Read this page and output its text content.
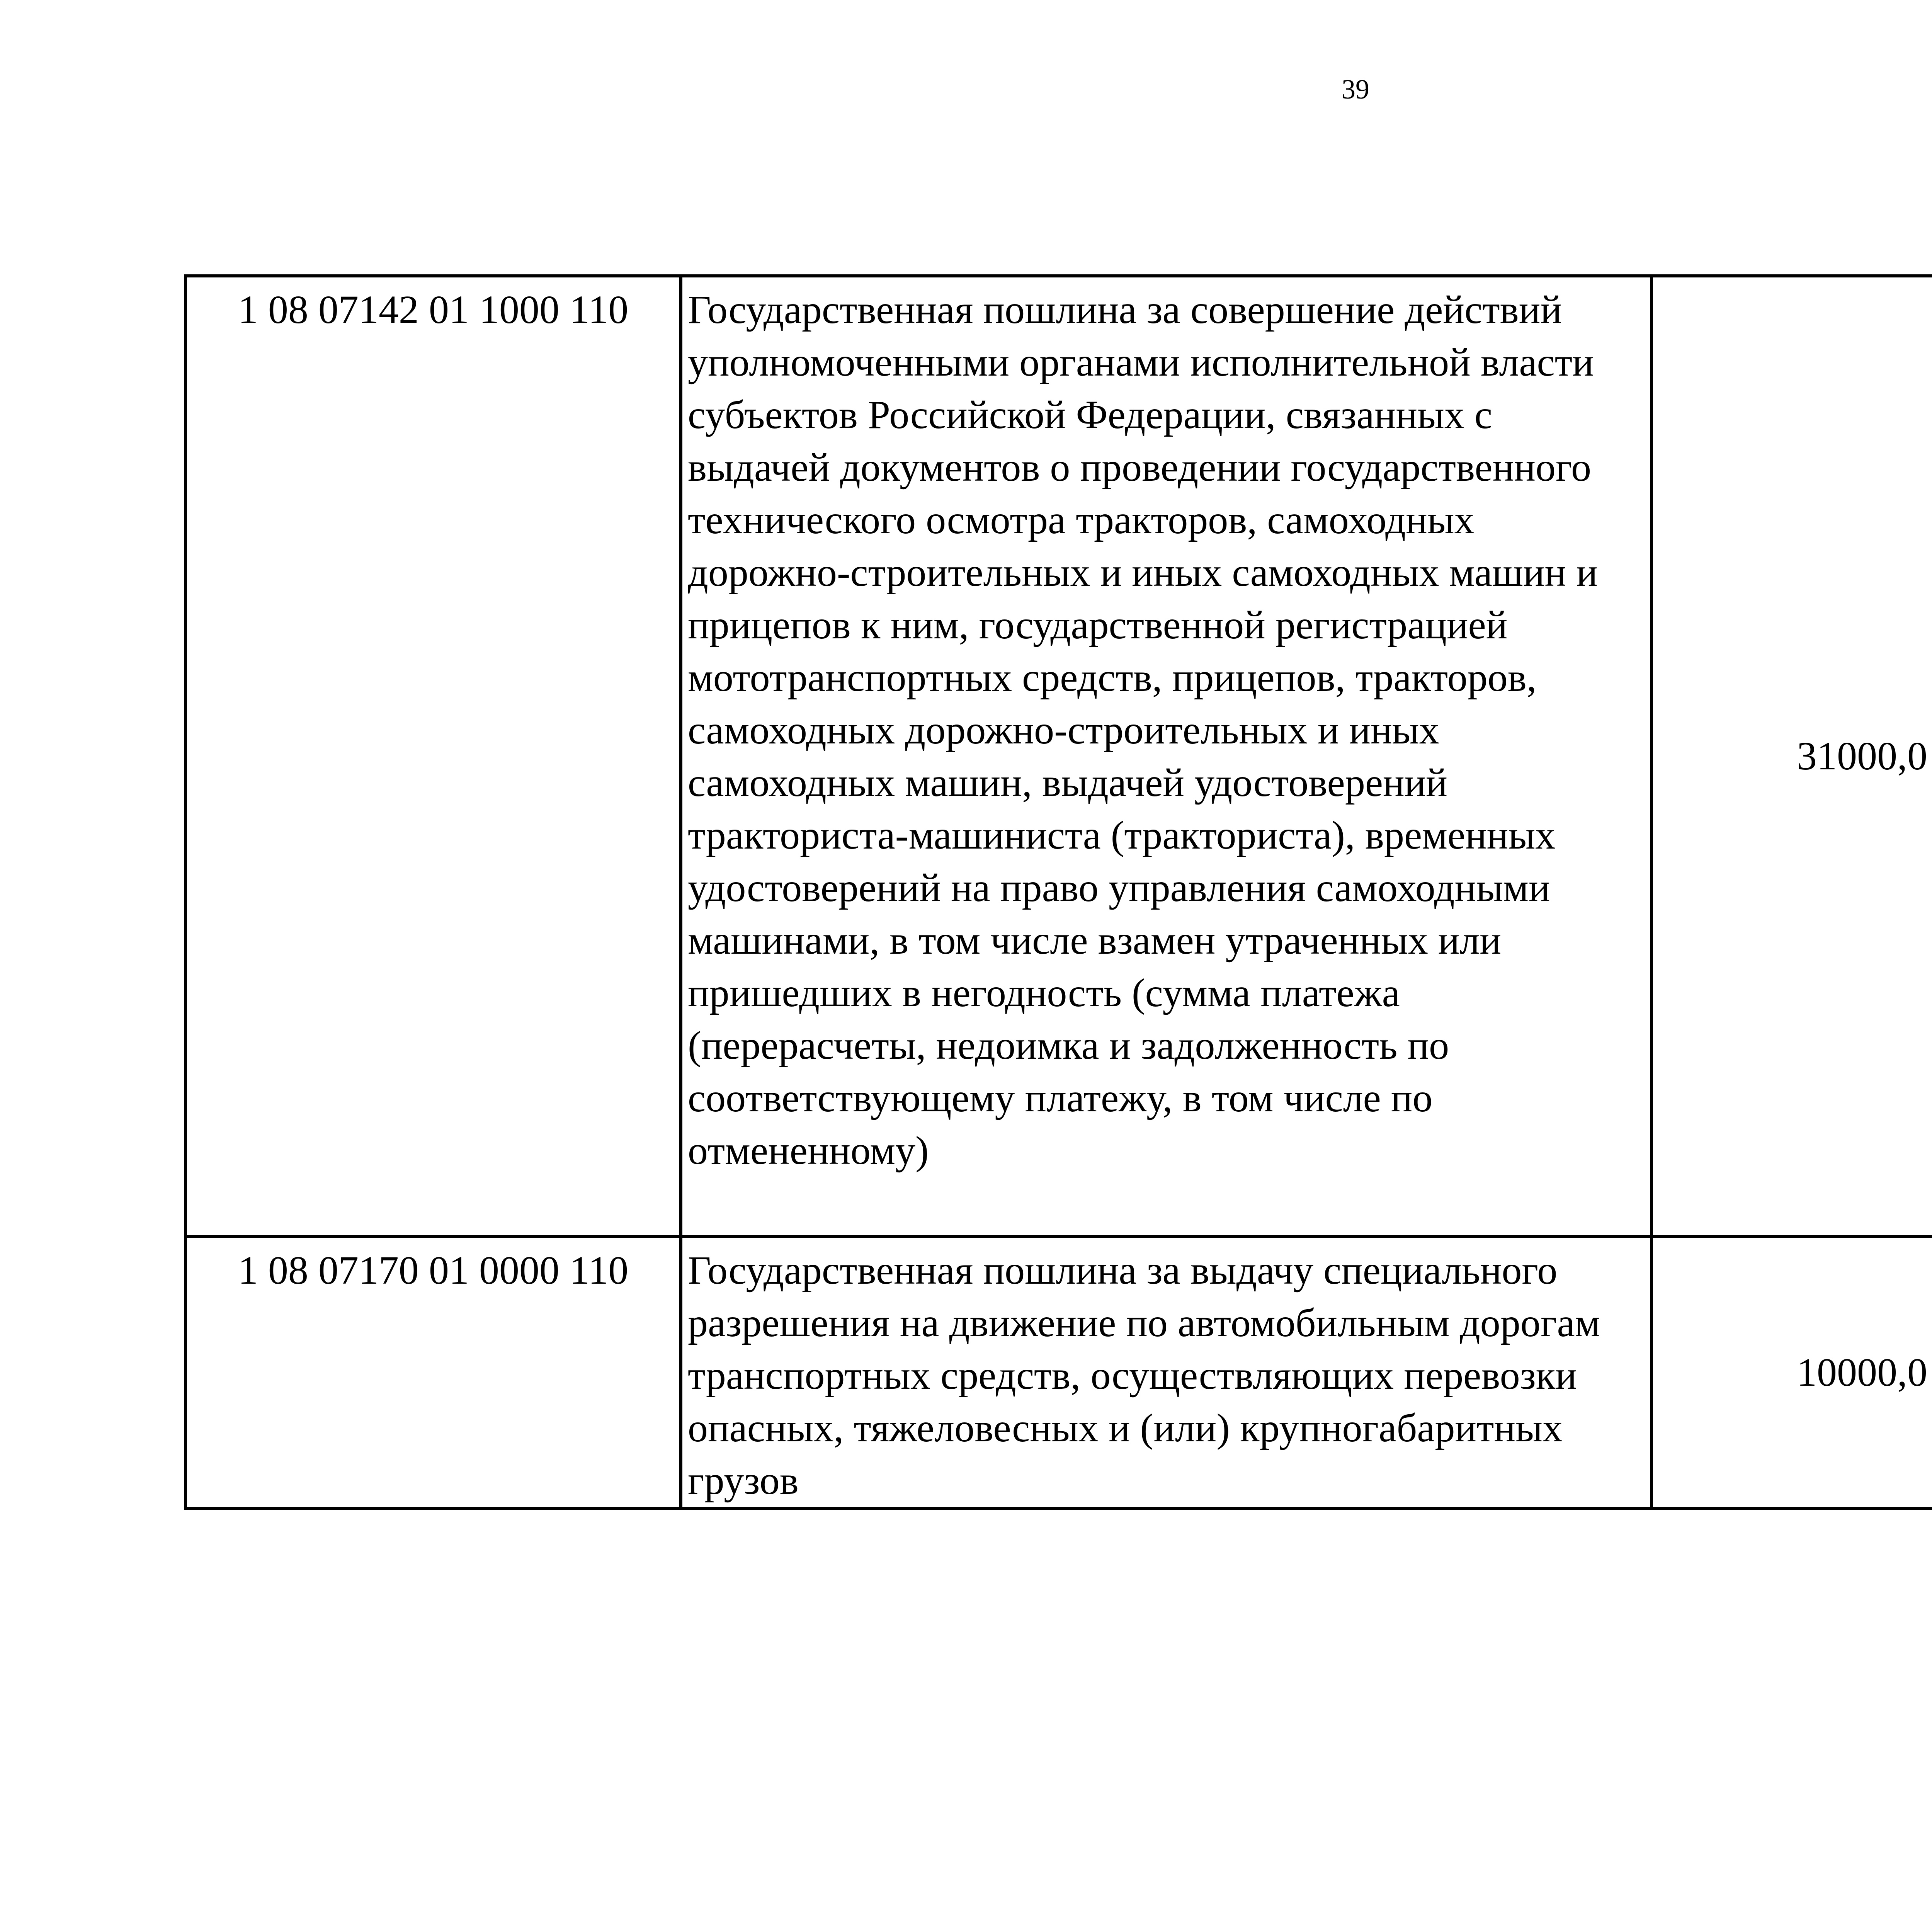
39
1 08 07142 01 1000 110	Государственная пошлина за совершение действий уполномоченными органами исполнительной власти субъектов Российской Федерации, связанных с выдачей документов о проведении государственного технического осмотра тракторов, самоходных дорожно-строительных и иных самоходных машин и прицепов к ним, государственной регистрацией мототранспортных средств, прицепов, тракторов, самоходных дорожно-строительных и иных самоходных машин, выдачей удостоверений тракториста-машиниста (тракториста), временных удостоверений на право управления самоходными машинами, в том числе взамен утраченных или пришедших в негодность (сумма платежа (перерасчеты, недоимка и задолженность по соответствующему платежу, в том числе по отмененному)	31000,0		
1 08 07170 01 0000 110	Государственная пошлина за выдачу специального разрешения на движение по автомобильным дорогам транспортных средств, осуществляющих перевозки опасных, тяжеловесных и (или) крупногабаритных грузов	10000,0		
